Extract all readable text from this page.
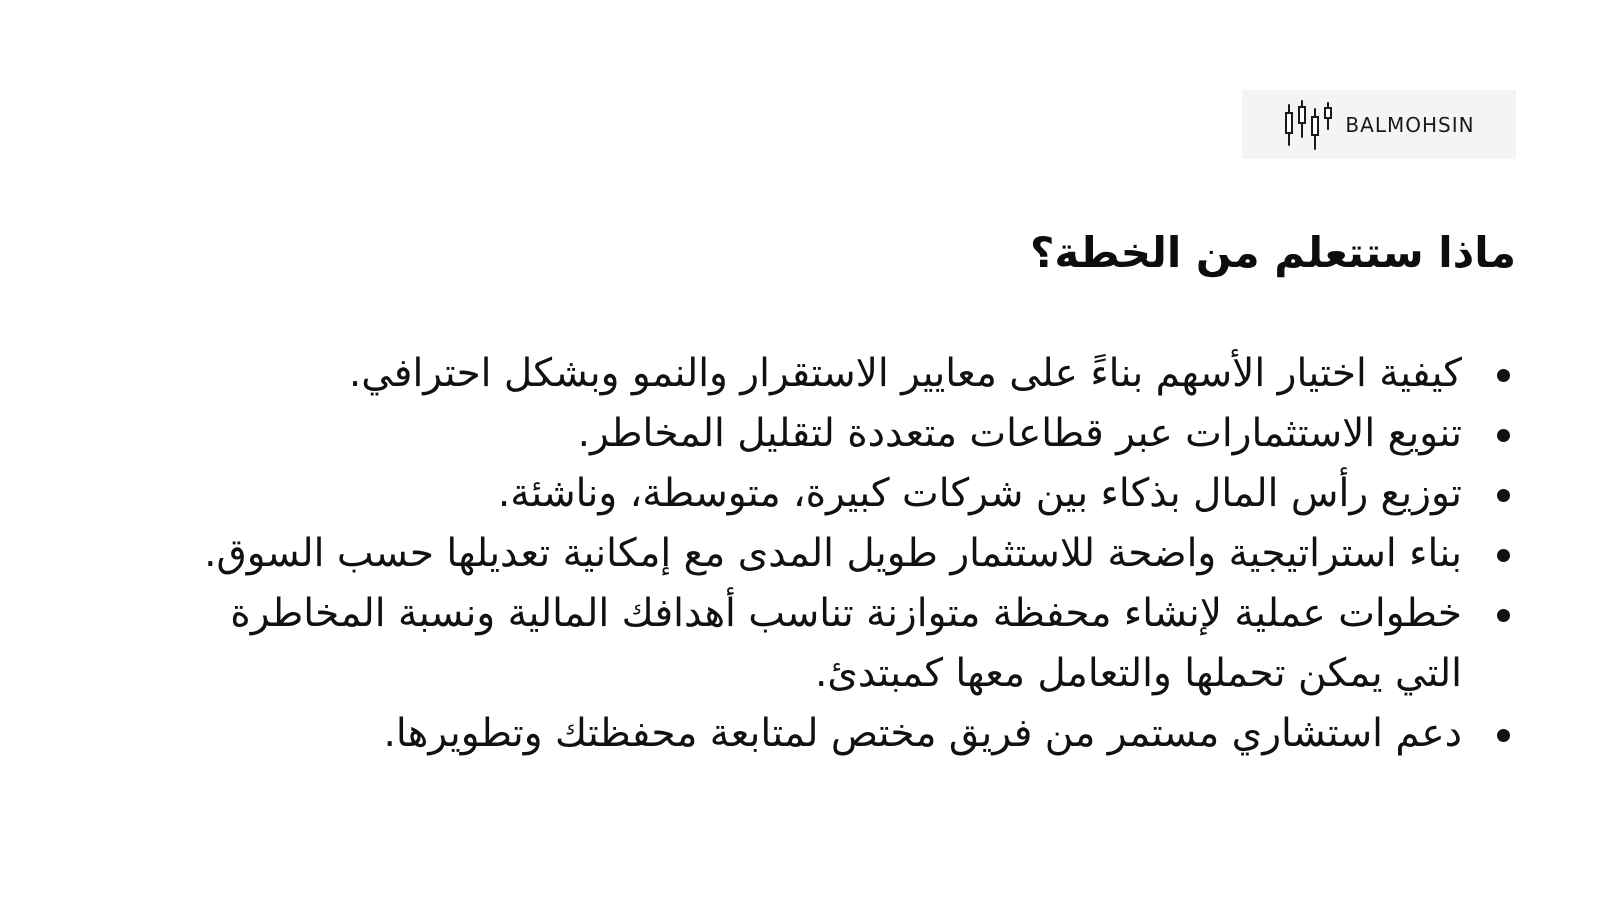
BALMOHSIN
ماذا ستتعلم من الخطة؟
كيفية اختيار الأسهم بناءً على معايير الاستقرار والنمو وبشكل احترافي.
تنويع الاستثمارات عبر قطاعات متعددة لتقليل المخاطر.
توزيع رأس المال بذكاء بين شركات كبيرة، متوسطة، وناشئة.
بناء استراتيجية واضحة للاستثمار طويل المدى مع إمكانية تعديلها حسب السوق.
خطوات عملية لإنشاء محفظة متوازنة تناسب أهدافك المالية ونسبة المخاطرة التي يمكن تحملها والتعامل معها كمبتدئ.
دعم استشاري مستمر من فريق مختص لمتابعة محفظتك وتطويرها.
